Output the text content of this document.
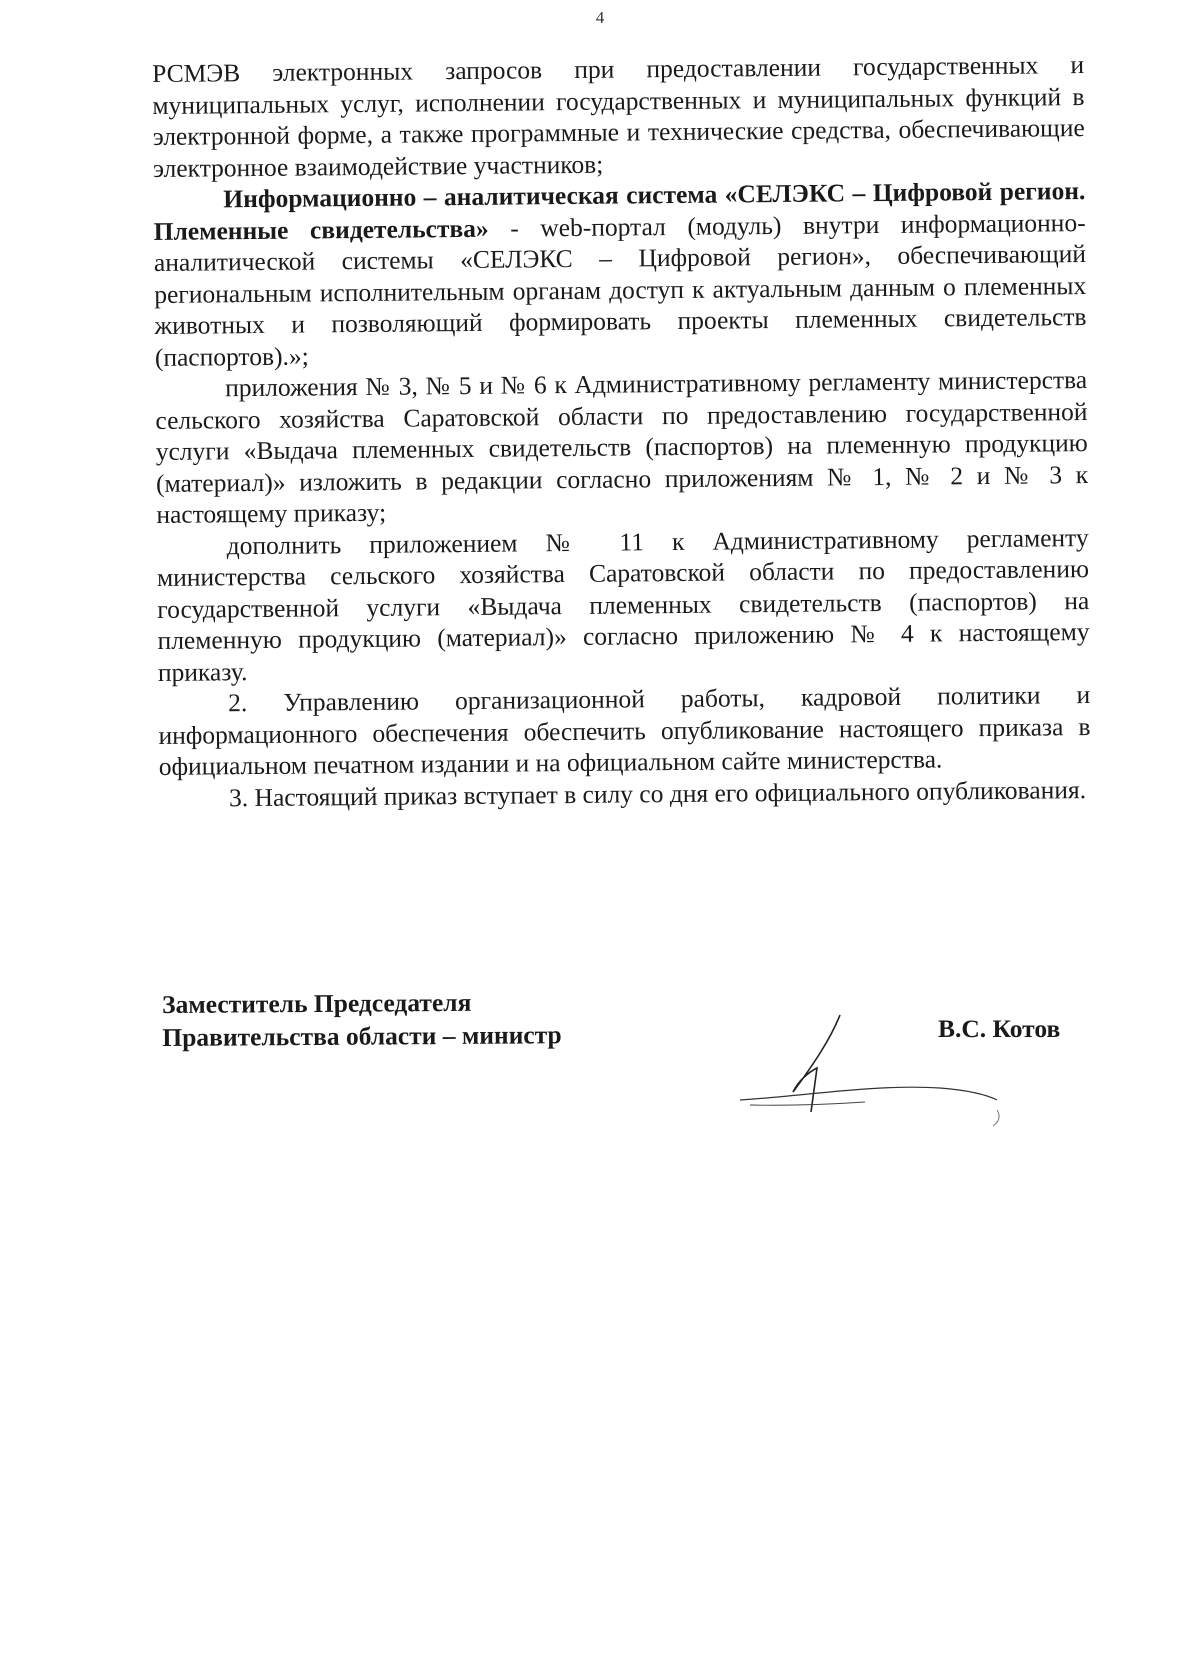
4

РСМЭВ электронных запросов при предоставлении государственных и муниципальных услуг, исполнении государственных и муниципальных функций в электронной форме, а также программные и технические средства, обеспечивающие электронное взаимодействие участников;

Информационно – аналитическая система «СЕЛЭКС – Цифровой регион. Племенные свидетельства» - web-портал (модуль) внутри информационно-аналитической системы «СЕЛЭКС – Цифровой регион», обеспечивающий региональным исполнительным органам доступ к актуальным данным о племенных животных и позволяющий формировать проекты племенных свидетельств (паспортов).»;

приложения № 3, № 5 и № 6 к Административному регламенту министерства сельского хозяйства Саратовской области по предоставлению государственной услуги «Выдача племенных свидетельств (паспортов) на племенную продукцию (материал)» изложить в редакции согласно приложениям № 1, № 2 и № 3 к настоящему приказу;

дополнить приложением № 11 к Административному регламенту министерства сельского хозяйства Саратовской области по предоставлению государственной услуги «Выдача племенных свидетельств (паспортов) на племенную продукцию (материал)» согласно приложению № 4 к настоящему приказу.

2. Управлению организационной работы, кадровой политики и информационного обеспечения обеспечить опубликование настоящего приказа в официальном печатном издании и на официальном сайте министерства.

3. Настоящий приказ вступает в силу со дня его официального опубликования.

Заместитель Председателя
Правительства области – министр	В.С. Котов
